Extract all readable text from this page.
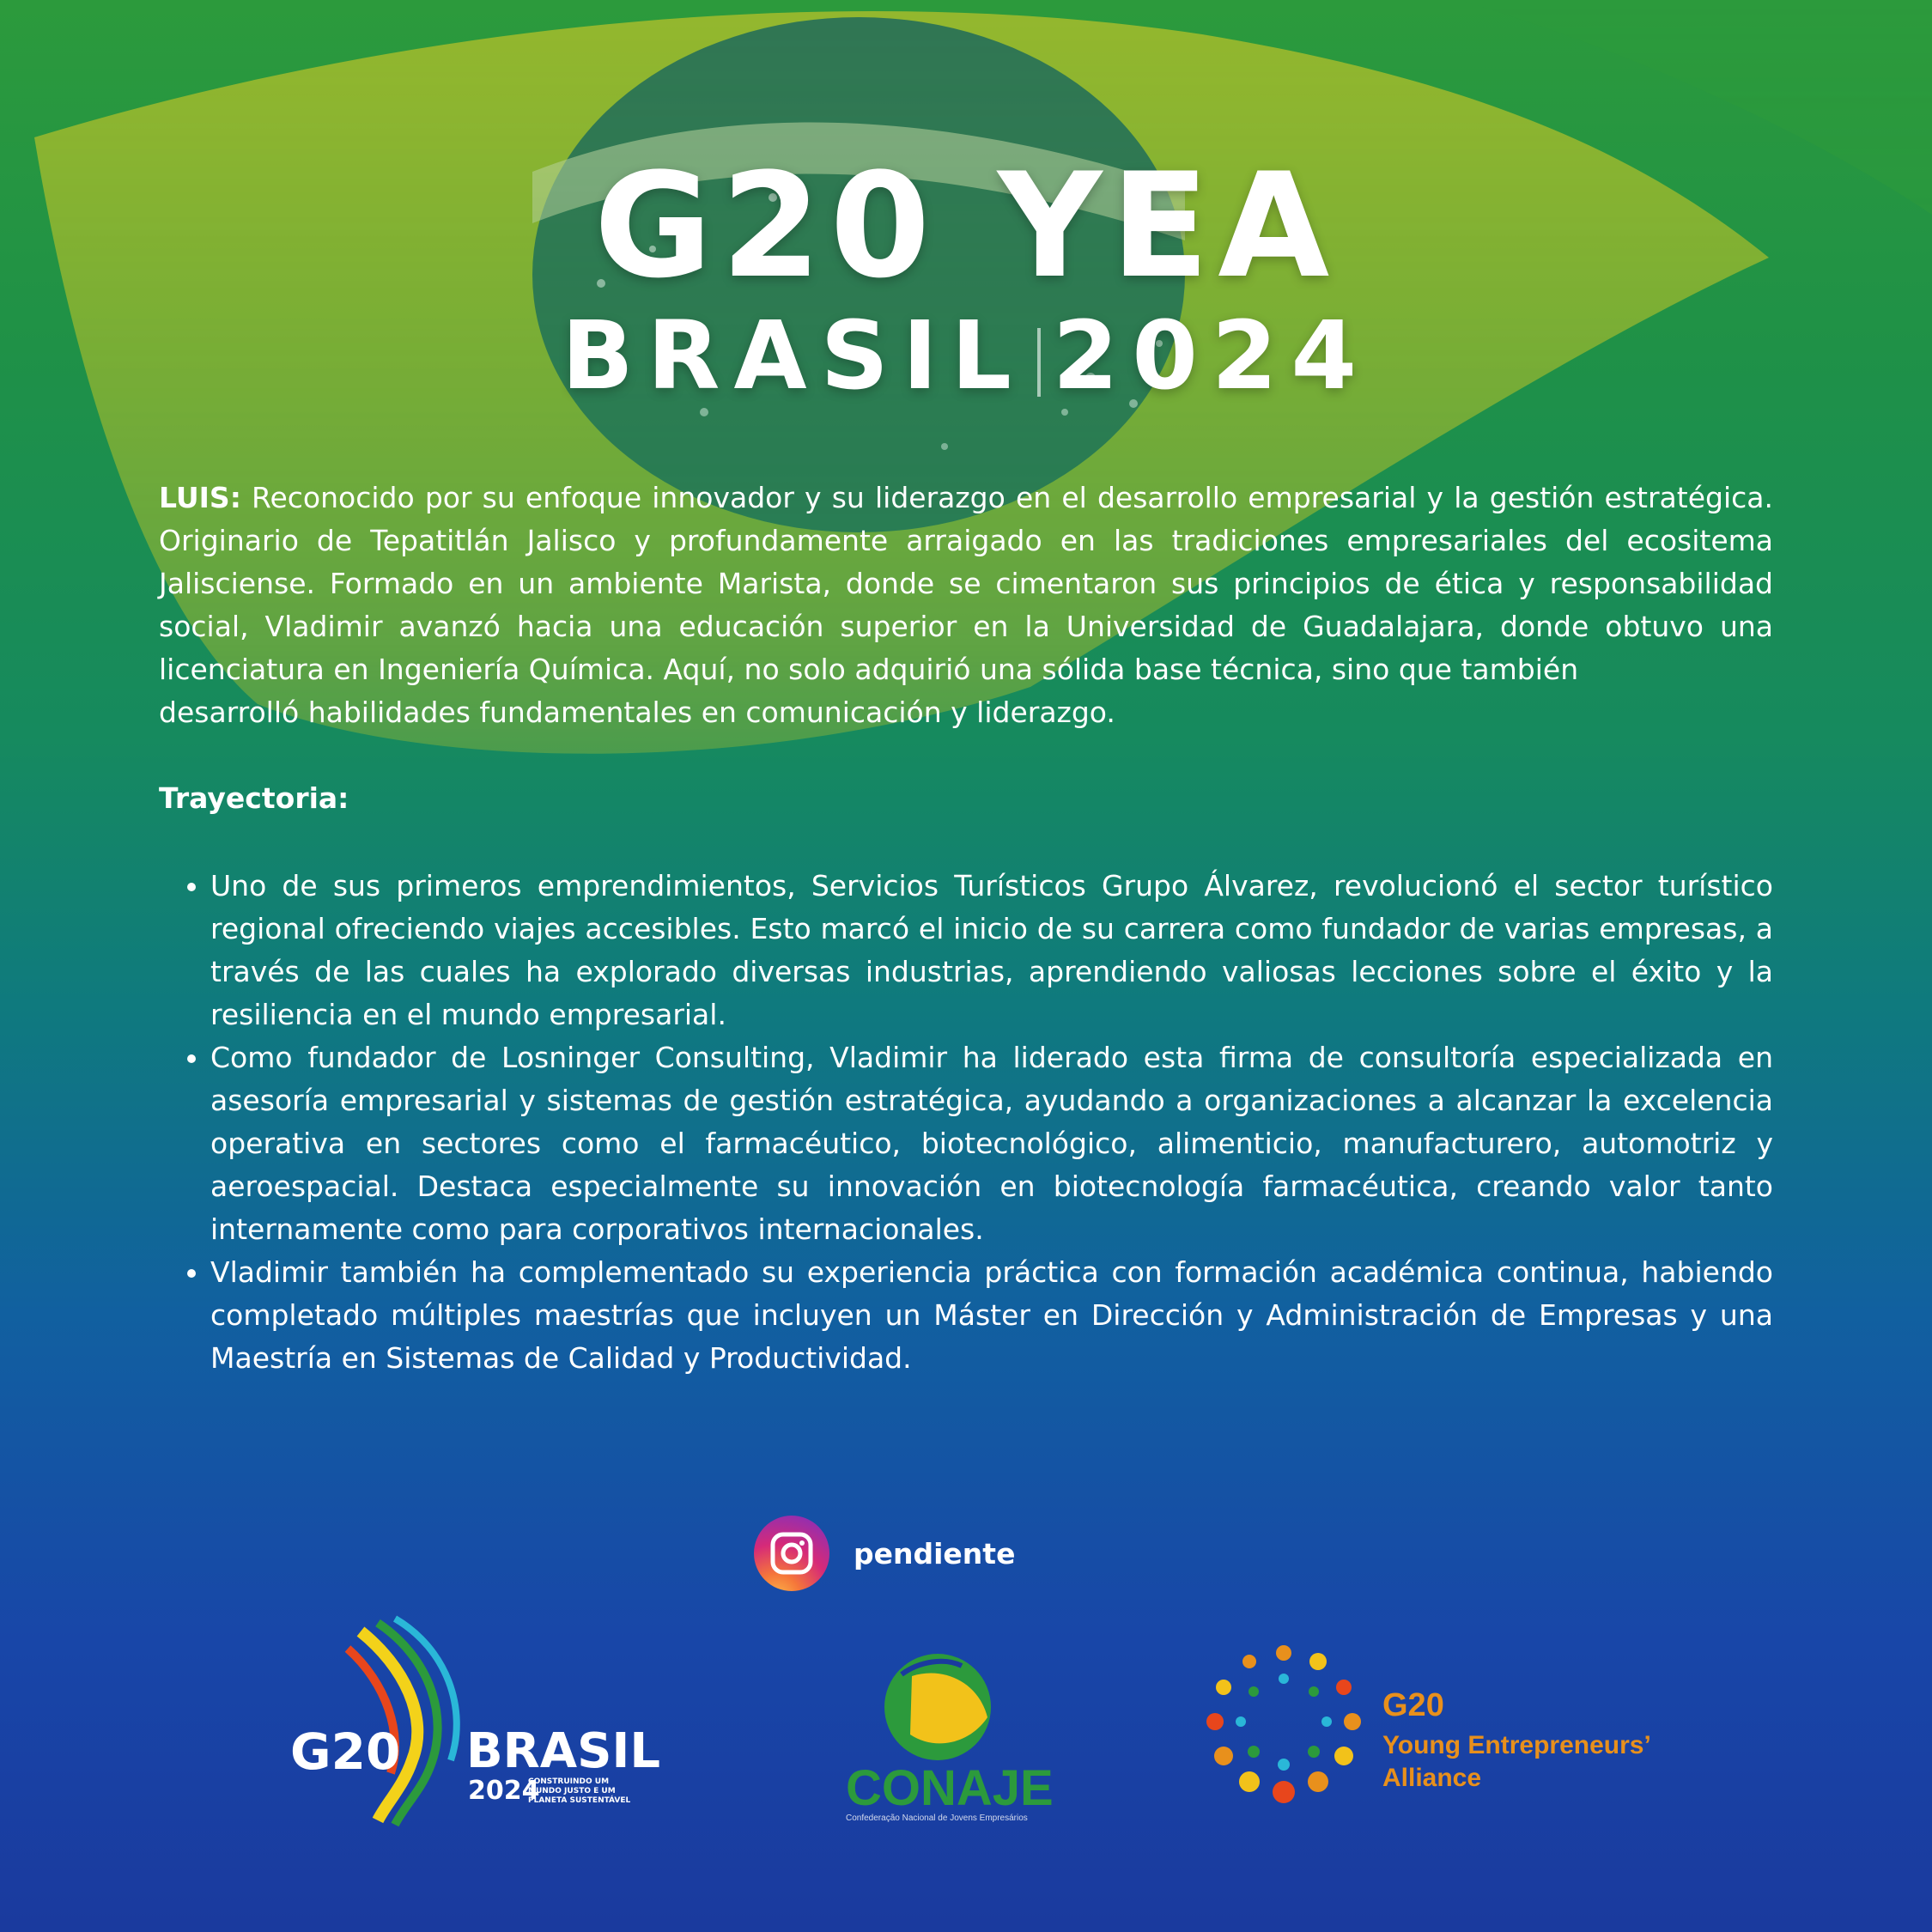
G20 YEA
BRASIL 2024

LUIS: Reconocido por su enfoque innovador y su liderazgo en el desarrollo empresarial y la gestión estratégica. Originario de Tepatitlán Jalisco y profundamente arraigado en las tradiciones empresariales del ecositema Jalisciense. Formado en un ambiente Marista, donde se cimentaron sus principios de ética y responsabilidad social, Vladimir avanzó hacia una educación superior en la Universidad de Guadalajara, donde obtuvo una licenciatura en Ingeniería Química. Aquí, no solo adquirió una sólida base técnica, sino que también
desarrolló habilidades fundamentales en comunicación y liderazgo.

Trayectoria:
• Uno de sus primeros emprendimientos, Servicios Turísticos Grupo Álvarez, revolucionó el sector turístico regional ofreciendo viajes accesibles. Esto marcó el inicio de su carrera como fundador de varias empresas, a través de las cuales ha explorado diversas industrias, aprendiendo valiosas lecciones sobre el éxito y la resiliencia en el mundo empresarial.
• Como fundador de Losninger Consulting, Vladimir ha liderado esta firma de consultoría especializada en asesoría empresarial y sistemas de gestión estratégica, ayudando a organizaciones a alcanzar la excelencia operativa en sectores como el farmacéutico, biotecnológico, alimenticio, manufacturero, automotriz y aeroespacial. Destaca especialmente su innovación en biotecnología farmacéutica, creando valor tanto internamente como para corporativos internacionales.
• Vladimir también ha complementado su experiencia práctica con formación académica continua, habiendo completado múltiples maestrías que incluyen un Máster en Dirección y Administración de Empresas y una Maestría en Sistemas de Calidad y Productividad.
pendiente
G20 BRASIL
2024
CONSTRUINDO UM
MUNDO JUSTO E UM
PLANETA SUSTENTÁVEL	CONAJE
Confederação Nacional de Jovens Empresários
G20
Young Entrepreneurs’
Alliance
